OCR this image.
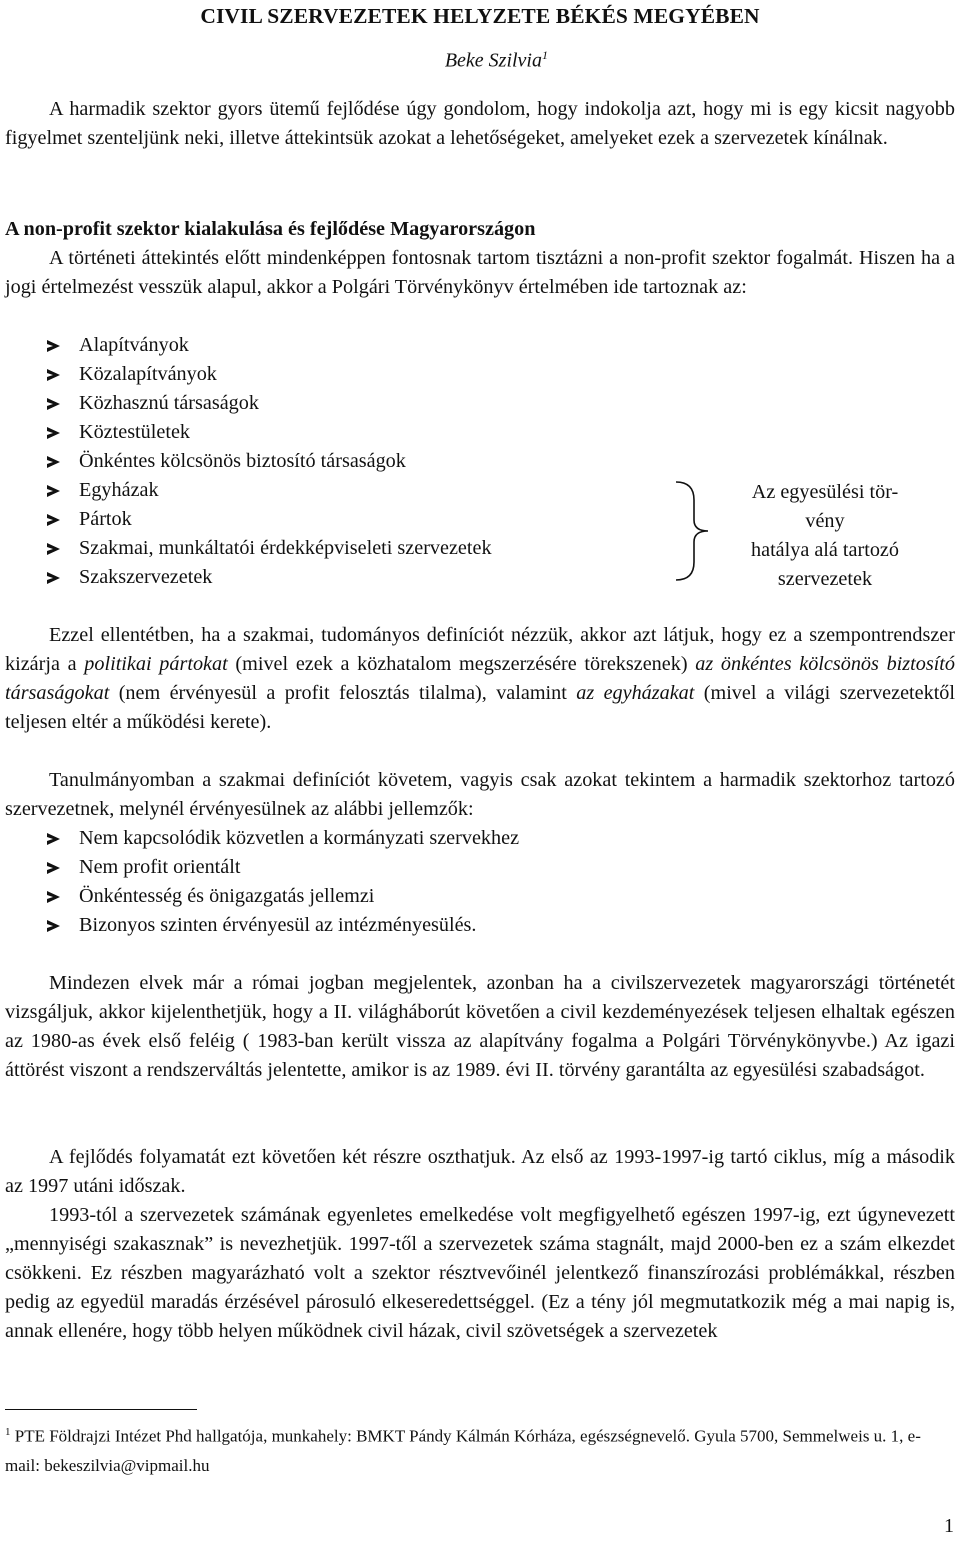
CIVIL SZERVEZETEK HELYZETE BÉKÉS MEGYÉBEN
Beke Szilvia$^1$
A harmadik szektor gyors ütemű fejlődése úgy gondolom, hogy indokolja azt, hogy mi is egy kicsit nagyobb figyelmet szenteljünk neki, illetve áttekintsük azokat a lehetőségeket, amelyeket ezek a szervezetek kínálnak.
A non-profit szektor kialakulása és fejlődése Magyarországon
A történeti áttekintés előtt mindenképpen fontosnak tartom tisztázni a non-profit szektor fogalmát. Hiszen ha a jogi értelmezést vesszük alapul, akkor a Polgári Törvénykönyv értelmében ide tartoznak az:
Alapítványok
Közalapítványok
Közhasznú társaságok
Köztestületek
Önkéntes kölcsönös biztosító társaságok
Egyházak
Pártok
Szakmai, munkáltatói érdekképviseleti szervezetek
Szakszervezetek
Az egyesülési tör-
vény
hatálya alá tartozó
szervezetek
Ezzel ellentétben, ha a szakmai, tudományos definíciót nézzük, akkor azt látjuk, hogy ez a szempontrendszer kizárja a politikai pártokat (mivel ezek a közhatalom megszerzésére törekszenek) az önkéntes kölcsönös biztosító társaságokat (nem érvényesül a profit felosztás tilalma), valamint az egyházakat (mivel a világi szervezetektől teljesen eltér a működési kerete).
Tanulmányomban a szakmai definíciót követem, vagyis csak azokat tekintem a harmadik szektorhoz tartozó szervezetnek, melynél érvényesülnek az alábbi jellemzők:
Nem kapcsolódik közvetlen a kormányzati szervekhez
Nem profit orientált
Önkéntesség és önigazgatás jellemzi
Bizonyos szinten érvényesül az intézményesülés.
Mindezen elvek már a római jogban megjelentek, azonban ha a civilszervezetek magyarországi történetét vizsgáljuk, akkor kijelenthetjük, hogy a II. világháborút követően a civil kezdeményezések teljesen elhaltak egészen az 1980-as évek első feléig ( 1983-ban került vissza az alapítvány fogalma a Polgári Törvénykönyvbe.) Az igazi áttörést viszont a rendszerváltás jelentette, amikor is az 1989. évi II. törvény garantálta az egyesülési szabadságot.
A fejlődés folyamatát ezt követően két részre oszthatjuk. Az első az 1993-1997-ig tartó ciklus, míg a második az 1997 utáni időszak.
1993-tól a szervezetek számának egyenletes emelkedése volt megfigyelhető egészen 1997-ig, ezt úgynevezett „mennyiségi szakasznak” is nevezhetjük. 1997-től a szervezetek száma stagnált, majd 2000-ben ez a szám elkezdet csökkeni. Ez részben magyarázható volt a szektor résztvevőinél jelentkező finanszírozási problémákkal, részben pedig az egyedül maradás érzésével párosuló elkeseredettséggel. (Ez a tény jól megmutatkozik még a mai napig is, annak ellenére, hogy több helyen működnek civil házak, civil szövetségek a szervezetek
$^1$ PTE Földrajzi Intézet Phd hallgatója, munkahely: BMKT Pándy Kálmán Kórháza, egészségnevelő. Gyula 5700, Semmelweis u. 1, e-mail: bekeszilvia@vipmail.hu
1
